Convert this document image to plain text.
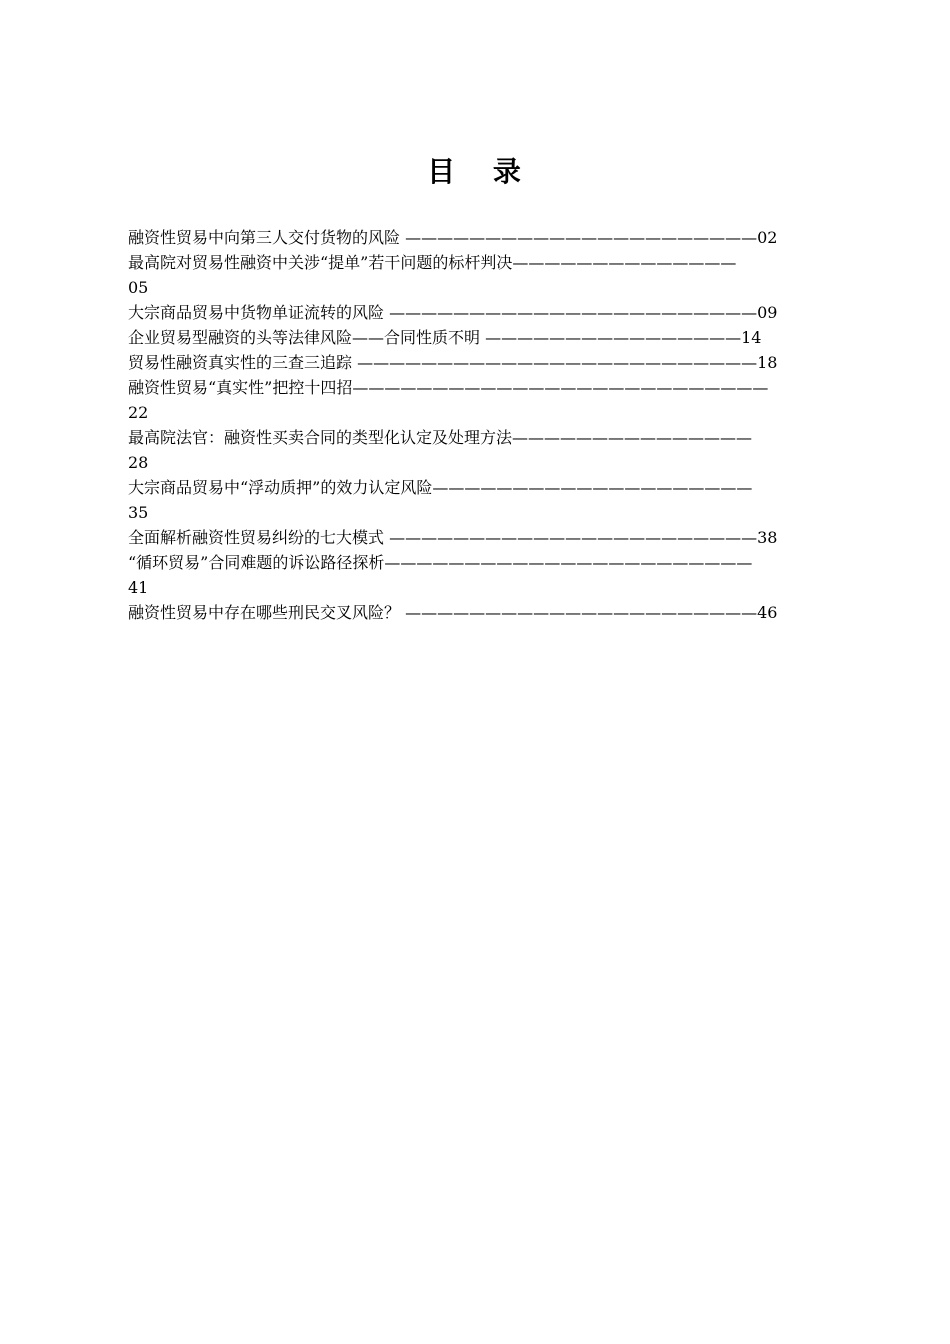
目 录
融资性贸易中向第三人交付货物的风险 ——————————————————————02
最高院对贸易性融资中关涉“提单”若干问题的标杆判决——————————————
05
大宗商品贸易中货物单证流转的风险 ———————————————————————09
企业贸易型融资的头等法律风险——合同性质不明 ————————————————14
贸易性融资真实性的三查三追踪 —————————————————————————18
融资性贸易“真实性”把控十四招——————————————————————————
22
最高院法官：融资性买卖合同的类型化认定及处理方法———————————————
28
大宗商品贸易中“浮动质押”的效力认定风险————————————————————
35
全面解析融资性贸易纠纷的七大模式 ———————————————————————38
“循环贸易”合同难题的诉讼路径探析———————————————————————
41
融资性贸易中存在哪些刑民交叉风险？ ——————————————————————46
